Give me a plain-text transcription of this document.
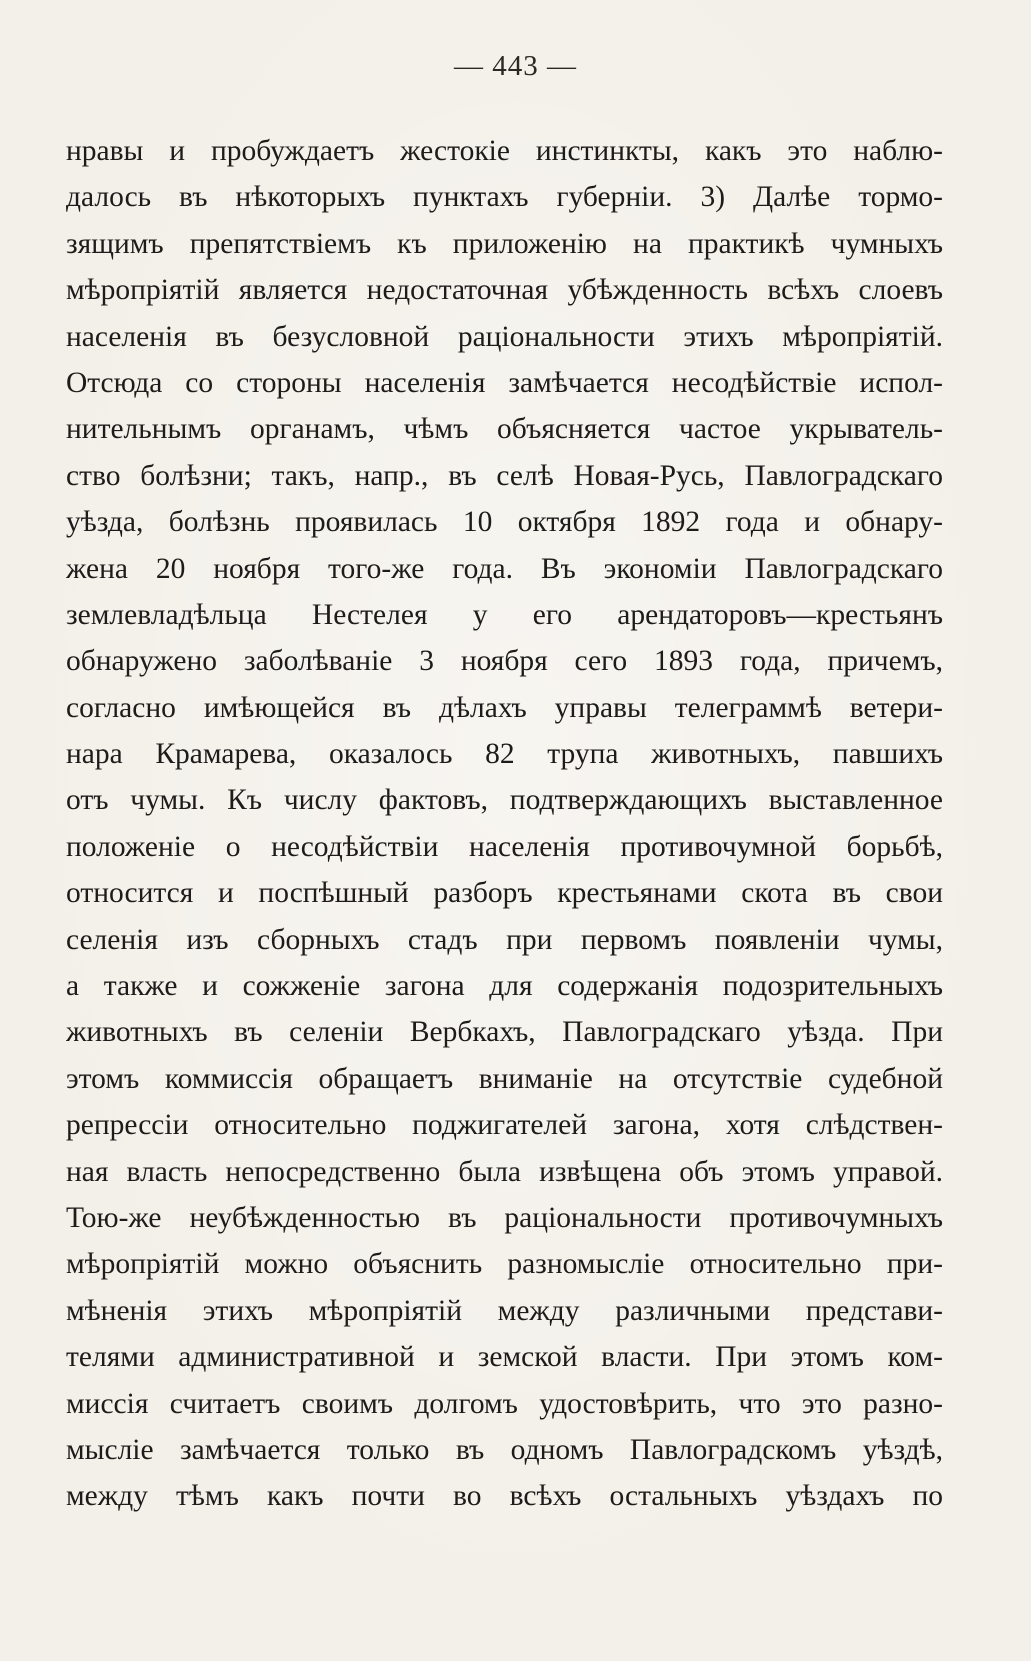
— 443 —
нравы и пробуждаетъ жестокіе инстинкты, какъ это наблю-
далось въ нѣкоторыхъ пунктахъ губерніи. 3) Далѣе тормо-
зящимъ препятствіемъ къ приложенію на практикѣ чумныхъ
мѣропріятій является недостаточная убѣжденность всѣхъ слоевъ
населенія въ безусловной раціональности этихъ мѣропріятій.
Отсюда со стороны населенія замѣчается несодѣйствіе испол-
нительнымъ органамъ, чѣмъ объясняется частое укрыватель-
ство болѣзни; такъ, напр., въ селѣ Новая-Русь, Павлоградскаго
уѣзда, болѣзнь проявилась 10 октября 1892 года и обнару-
жена 20 ноября того-же года. Въ экономіи Павлоградскаго
землевладѣльца Нестелея у его арендаторовъ—крестьянъ
обнаружено заболѣваніе 3 ноября сего 1893 года, причемъ,
согласно имѣющейся въ дѣлахъ управы телеграммѣ ветери-
нара Крамарева, оказалось 82 трупа животныхъ, павшихъ
отъ чумы. Къ числу фактовъ, подтверждающихъ выставленное
положеніе о несодѣйствіи населенія противочумной борьбѣ,
относится и поспѣшный разборъ крестьянами скота въ свои
селенія изъ сборныхъ стадъ при первомъ появленіи чумы,
а также и сожженіе загона для содержанія подозрительныхъ
животныхъ въ селеніи Вербкахъ, Павлоградскаго уѣзда. При
этомъ коммиссія обращаетъ вниманіе на отсутствіе судебной
репрессіи относительно поджигателей загона, хотя слѣдствен-
ная власть непосредственно была извѣщена объ этомъ управой.
Тою-же неубѣжденностью въ раціональности противочумныхъ
мѣропріятій можно объяснить разномысліе относительно при-
мѣненія этихъ мѣропріятій между различными представи-
телями административной и земской власти. При этомъ ком-
миссія считаетъ своимъ долгомъ удостовѣрить, что это разно-
мысліе замѣчается только въ одномъ Павлоградскомъ уѣздѣ,
между тѣмъ какъ почти во всѣхъ остальныхъ уѣздахъ по
